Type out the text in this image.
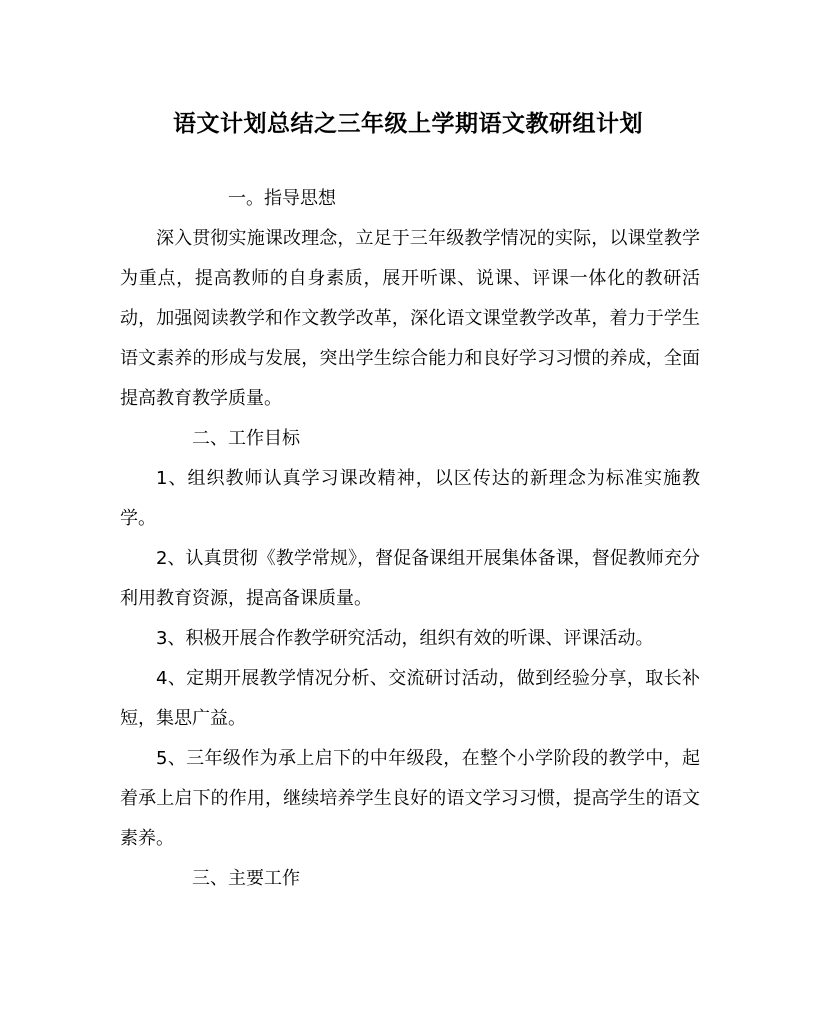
语文计划总结之三年级上学期语文教研组计划

一。指导思想

深入贯彻实施课改理念，立足于三年级教学情况的实际，以课堂教学为重点，提高教师的自身素质，展开听课、说课、评课一体化的教研活动，加强阅读教学和作文教学改革，深化语文课堂教学改革，着力于学生语文素养的形成与发展，突出学生综合能力和良好学习习惯的养成，全面提高教育教学质量。

二、工作目标

1、组织教师认真学习课改精神，以区传达的新理念为标准实施教学。

2、认真贯彻《教学常规》，督促备课组开展集体备课，督促教师充分利用教育资源，提高备课质量。

3、积极开展合作教学研究活动，组织有效的听课、评课活动。

4、定期开展教学情况分析、交流研讨活动，做到经验分享，取长补短，集思广益。

5、三年级作为承上启下的中年级段，在整个小学阶段的教学中，起着承上启下的作用，继续培养学生良好的语文学习习惯，提高学生的语文素养。

三、主要工作
